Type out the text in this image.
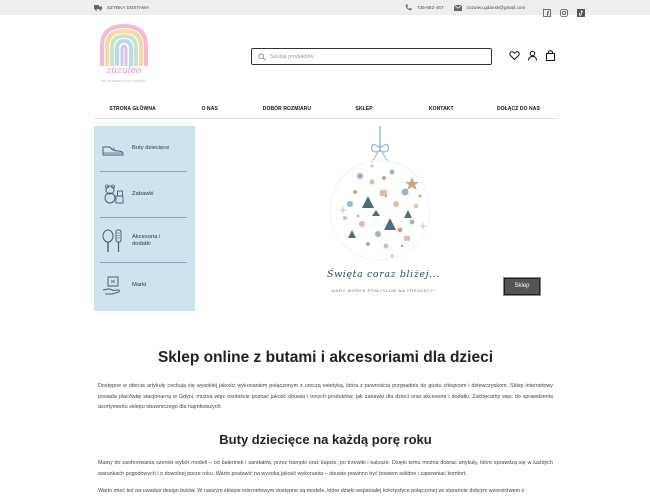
SZYBKA DOSTAWA	735-682-467	zuzuleo.gdansk@gmail.com
zuzuleo
OD ZDOBIENIA PO GŁÓWKI
Szukaj produktów
STRONA GŁÓWNA	O NAS	DOBÓR ROZMIARU	SKLEP	KONTAKT	DOŁĄCZ DO NAS
Buty dziecięce
Zabawki
Akcesoria i dodatki
Marki
Święta coraz bliżej...
MAMY WOREK POMYSŁÓW NA PREZENTY!
Sklep
Sklep online z butami i akcesoriami dla dzieci

Dostępne w ofercie artykuły cechują się wysokiej jakości wykonaniem połączonym z uroczą estetyką, która z pewnością przypadnie do gustu chłopcom i dziewczynkom. Sklep internetowy posiada placówkę stacjonarną w Gdyni, można więc osobiście poznać jakość obuwia i innych produktów, jak zabawki dla dzieci oraz akcesoria i dodatki. Zachęcamy więc do sprawdzenia asortymentu sklepu obuwniczego dla najmłodszych.

Buty dziecięce na każdą porę roku

Mamy do zaoferowania szeroki wybór modeli – od balerinek i sandałów, przez trampki oraz kapcie, po trzewiki i kalosze. Dzięki temu można dobrać artykuły, które sprawdzą się w każdych warunkach pogodowych i o dowolnej porze roku. Warto postawić na wysoką jakość wykonania – obuwie powinno być bowiem solidne i zapewniać komfort.

Warto mieć też na uwadze design butów. W naszym sklepie internetowym dostępne są modele, które dzięki wspaniałej kolorystyce połączonej ze starannie dobrym wzornictwem z
